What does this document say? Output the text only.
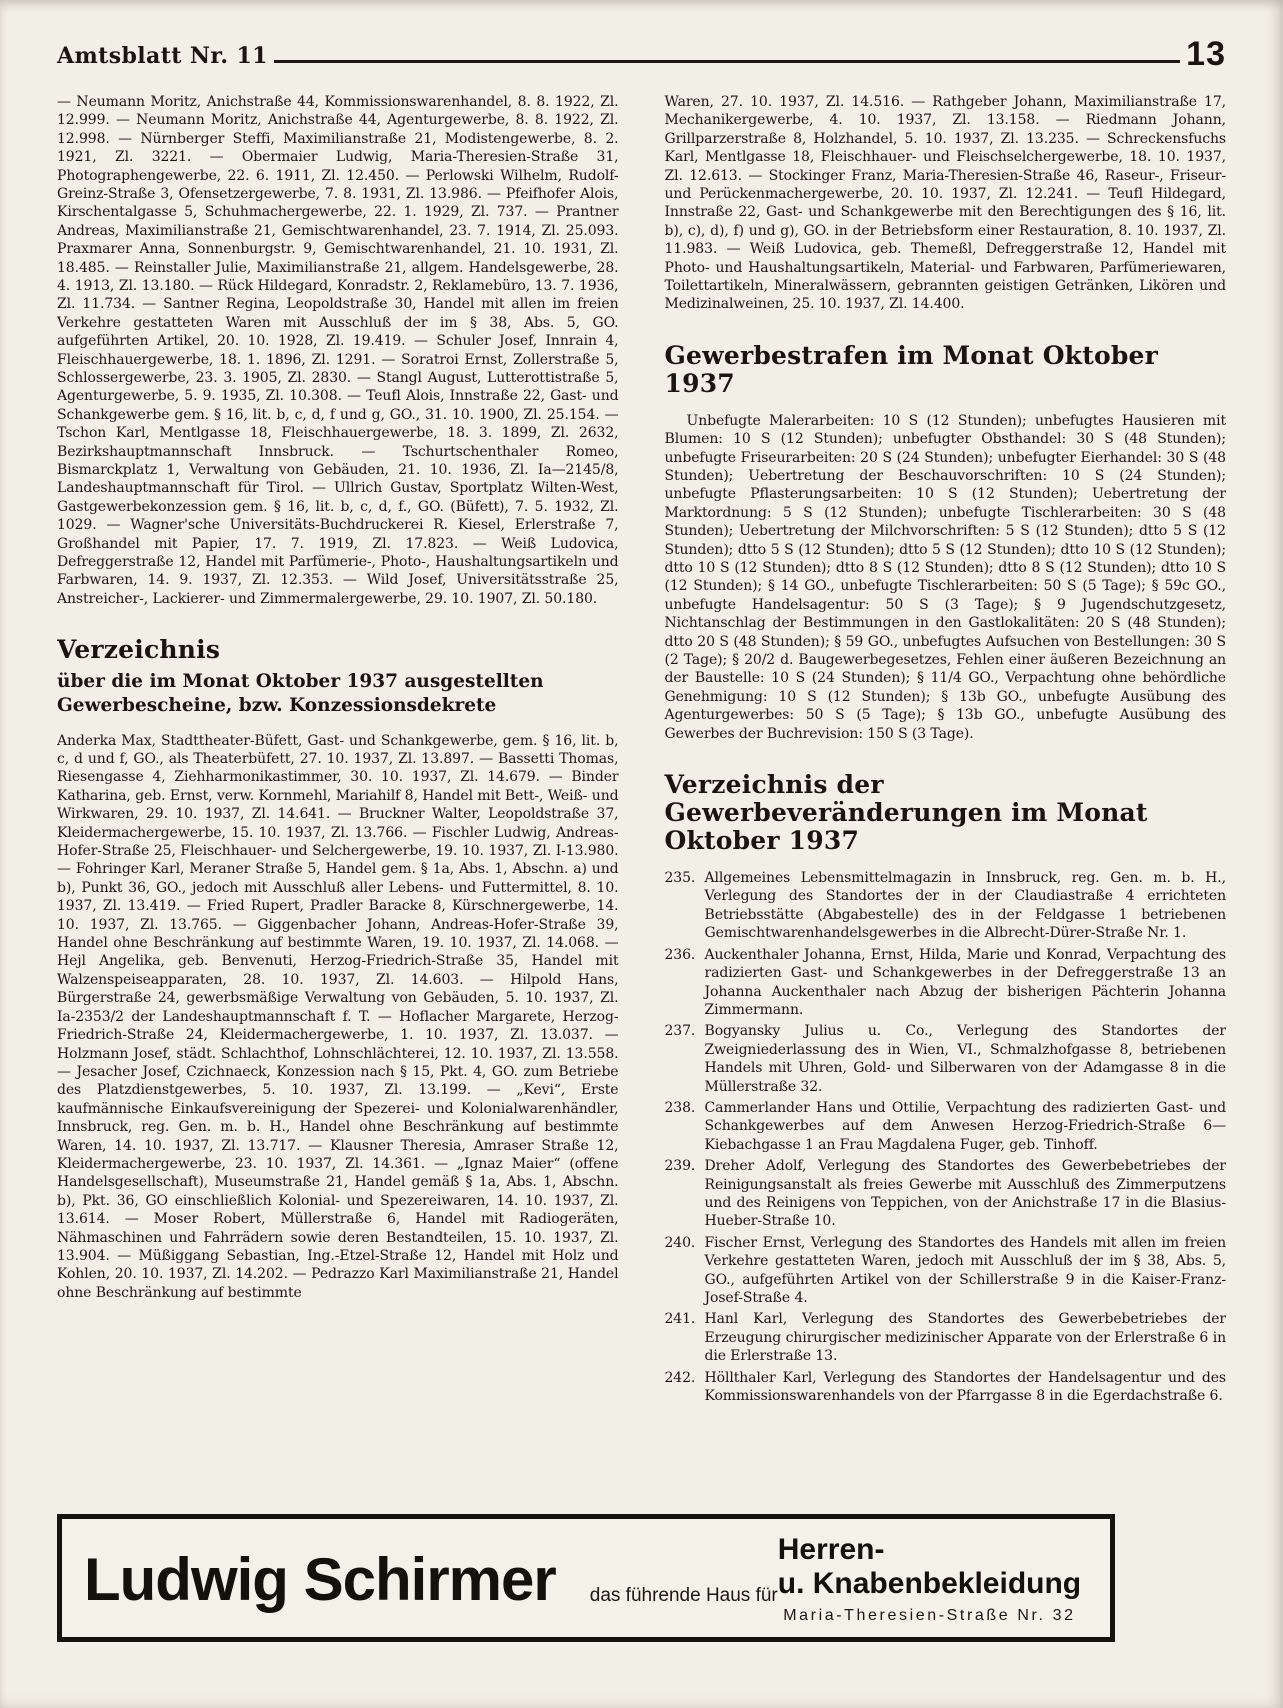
Amtsblatt Nr. 11	13

— Neumann Moritz, Anichstraße 44, Kommissionswarenhandel, 8. 8. 1922, Zl. 12.999. — Neumann Moritz, Anichstraße 44, Agenturgewerbe, 8. 8. 1922, Zl. 12.998. — Nürnberger Steffi, Maximilianstraße 21, Modistengewerbe, 8. 2. 1921, Zl. 3221. — Obermaier Ludwig, Maria-Theresien-Straße 31, Photographengewerbe, 22. 6. 1911, Zl. 12.450. — Perlowski Wilhelm, Rudolf-Greinz-Straße 3, Ofensetzergewerbe, 7. 8. 1931, Zl. 13.986. — Pfeifhofer Alois, Kirschentalgasse 5, Schuhmachergewerbe, 22. 1. 1929, Zl. 737. — Prantner Andreas, Maximilianstraße 21, Gemischtwarenhandel, 23. 7. 1914, Zl. 25.093. Praxmarer Anna, Sonnenburgstr. 9, Gemischtwarenhandel, 21. 10. 1931, Zl. 18.485. — Reinstaller Julie, Maximilianstraße 21, allgem. Handelsgewerbe, 28. 4. 1913, Zl. 13.180. — Rück Hildegard, Konradstr. 2, Reklamebüro, 13. 7. 1936, Zl. 11.734. — Santner Regina, Leopoldstraße 30, Handel mit allen im freien Verkehre gestatteten Waren mit Ausschluß der im § 38, Abs. 5, GO. aufgeführten Artikel, 20. 10. 1928, Zl. 19.419. — Schuler Josef, Innrain 4, Fleischhauergewerbe, 18. 1. 1896, Zl. 1291. — Soratroi Ernst, Zollerstraße 5, Schlossergewerbe, 23. 3. 1905, Zl. 2830. — Stangl August, Lutterottistraße 5, Agenturgewerbe, 5. 9. 1935, Zl. 10.308. — Teufl Alois, Innstraße 22, Gast- und Schankgewerbe gem. § 16, lit. b, c, d, f und g, GO., 31. 10. 1900, Zl. 25.154. — Tschon Karl, Mentlgasse 18, Fleischhauergewerbe, 18. 3. 1899, Zl. 2632, Bezirkshauptmannschaft Innsbruck. — Tschurtschenthaler Romeo, Bismarckplatz 1, Verwaltung von Gebäuden, 21. 10. 1936, Zl. Ia—2145/8, Landeshauptmannschaft für Tirol. — Ullrich Gustav, Sportplatz Wilten-West, Gastgewerbekonzession gem. § 16, lit. b, c, d, f., GO. (Büfett), 7. 5. 1932, Zl. 1029. — Wagner'sche Universitäts-Buchdruckerei R. Kiesel, Erlerstraße 7, Großhandel mit Papier, 17. 7. 1919, Zl. 17.823. — Weiß Ludovica, Defreggerstraße 12, Handel mit Parfümerie-, Photo-, Haushaltungsartikeln und Farbwaren, 14. 9. 1937, Zl. 12.353. — Wild Josef, Universitätsstraße 25, Anstreicher-, Lackierer- und Zimmermalergewerbe, 29. 10. 1907, Zl. 50.180.

Verzeichnis
über die im Monat Oktober 1937 ausgestellten Gewerbescheine, bzw. Konzessionsdekrete

Anderka Max, Stadttheater-Büfett, Gast- und Schankgewerbe, gem. § 16, lit. b, c, d und f, GO., als Theaterbüfett, 27. 10. 1937, Zl. 13.897. — Bassetti Thomas, Riesengasse 4, Ziehharmonikastimmer, 30. 10. 1937, Zl. 14.679. — Binder Katharina, geb. Ernst, verw. Kornmehl, Mariahilf 8, Handel mit Bett-, Weiß- und Wirkwaren, 29. 10. 1937, Zl. 14.641. — Bruckner Walter, Leopoldstraße 37, Kleidermachergewerbe, 15. 10. 1937, Zl. 13.766. — Fischler Ludwig, Andreas-Hofer-Straße 25, Fleischhauer- und Selchergewerbe, 19. 10. 1937, Zl. I-13.980. — Fohringer Karl, Meraner Straße 5, Handel gem. § 1a, Abs. 1, Abschn. a) und b), Punkt 36, GO., jedoch mit Ausschluß aller Lebens- und Futtermittel, 8. 10. 1937, Zl. 13.419. — Fried Rupert, Pradler Baracke 8, Kürschnergewerbe, 14. 10. 1937, Zl. 13.765. — Giggenbacher Johann, Andreas-Hofer-Straße 39, Handel ohne Beschränkung auf bestimmte Waren, 19. 10. 1937, Zl. 14.068. — Hejl Angelika, geb. Benvenuti, Herzog-Friedrich-Straße 35, Handel mit Walzenspeiseapparaten, 28. 10. 1937, Zl. 14.603. — Hilpold Hans, Bürgerstraße 24, gewerbsmäßige Verwaltung von Gebäuden, 5. 10. 1937, Zl. Ia-2353/2 der Landeshauptmannschaft f. T. — Hoflacher Margarete, Herzog-Friedrich-Straße 24, Kleidermachergewerbe, 1. 10. 1937, Zl. 13.037. — Holzmann Josef, städt. Schlachthof, Lohnschlächterei, 12. 10. 1937, Zl. 13.558. — Jesacher Josef, Czichnaeck, Konzession nach § 15, Pkt. 4, GO. zum Betriebe des Platzdienstgewerbes, 5. 10. 1937, Zl. 13.199. — „Kevi“, Erste kaufmännische Einkaufsvereinigung der Spezerei- und Kolonialwarenhändler, Innsbruck, reg. Gen. m. b. H., Handel ohne Beschränkung auf bestimmte Waren, 14. 10. 1937, Zl. 13.717. — Klausner Theresia, Amraser Straße 12, Kleidermachergewerbe, 23. 10. 1937, Zl. 14.361. — „Ignaz Maier“ (offene Handelsgesellschaft), Museumstraße 21, Handel gemäß § 1a, Abs. 1, Abschn. b), Pkt. 36, GO einschließlich Kolonial- und Spezereiwaren, 14. 10. 1937, Zl. 13.614. — Moser Robert, Müllerstraße 6, Handel mit Radiogeräten, Nähmaschinen und Fahrrädern sowie deren Bestandteilen, 15. 10. 1937, Zl. 13.904. — Müßiggang Sebastian, Ing.-Etzel-Straße 12, Handel mit Holz und Kohlen, 20. 10. 1937, Zl. 14.202. — Pedrazzo Karl Maximilianstraße 21, Handel ohne Beschränkung auf bestimmte

Waren, 27. 10. 1937, Zl. 14.516. — Rathgeber Johann, Maximilianstraße 17, Mechanikergewerbe, 4. 10. 1937, Zl. 13.158. — Riedmann Johann, Grillparzerstraße 8, Holzhandel, 5. 10. 1937, Zl. 13.235. — Schreckensfuchs Karl, Mentlgasse 18, Fleischhauer- und Fleischselchergewerbe, 18. 10. 1937, Zl. 12.613. — Stockinger Franz, Maria-Theresien-Straße 46, Raseur-, Friseur- und Perückenmachergewerbe, 20. 10. 1937, Zl. 12.241. — Teufl Hildegard, Innstraße 22, Gast- und Schankgewerbe mit den Berechtigungen des § 16, lit. b), c), d), f) und g), GO. in der Betriebsform einer Restauration, 8. 10. 1937, Zl. 11.983. — Weiß Ludovica, geb. Themeßl, Defreggerstraße 12, Handel mit Photo- und Haushaltungsartikeln, Material- und Farbwaren, Parfümeriewaren, Toilettartikeln, Mineralwässern, gebrannten geistigen Getränken, Likören und Medizinalweinen, 25. 10. 1937, Zl. 14.400.

Gewerbestrafen im Monat Oktober 1937

Unbefugte Malerarbeiten: 10 S (12 Stunden); unbefugtes Hausieren mit Blumen: 10 S (12 Stunden); unbefugter Obsthandel: 30 S (48 Stunden); unbefugte Friseurarbeiten: 20 S (24 Stunden); unbefugter Eierhandel: 30 S (48 Stunden); Uebertretung der Beschauvorschriften: 10 S (24 Stunden); unbefugte Pflasterungsarbeiten: 10 S (12 Stunden); Uebertretung der Marktordnung: 5 S (12 Stunden); unbefugte Tischlerarbeiten: 30 S (48 Stunden); Uebertretung der Milchvorschriften: 5 S (12 Stunden); dtto 5 S (12 Stunden); dtto 5 S (12 Stunden); dtto 5 S (12 Stunden); dtto 10 S (12 Stunden); dtto 10 S (12 Stunden); dtto 8 S (12 Stunden); dtto 8 S (12 Stunden); dtto 10 S (12 Stunden); § 14 GO., unbefugte Tischlerarbeiten: 50 S (5 Tage); § 59c GO., unbefugte Handelsagentur: 50 S (3 Tage); § 9 Jugendschutzgesetz, Nichtanschlag der Bestimmungen in den Gastlokalitäten: 20 S (48 Stunden); dtto 20 S (48 Stunden); § 59 GO., unbefugtes Aufsuchen von Bestellungen: 30 S (2 Tage); § 20/2 d. Baugewerbegesetzes, Fehlen einer äußeren Bezeichnung an der Baustelle: 10 S (24 Stunden); § 11/4 GO., Verpachtung ohne behördliche Genehmigung: 10 S (12 Stunden); § 13b GO., unbefugte Ausübung des Agenturgewerbes: 50 S (5 Tage); § 13b GO., unbefugte Ausübung des Gewerbes der Buchrevision: 150 S (3 Tage).

Verzeichnis der Gewerbeveränderungen im Monat Oktober 1937
235. Allgemeines Lebensmittelmagazin in Innsbruck, reg. Gen. m. b. H., Verlegung des Standortes der in der Claudiastraße 4 errichteten Betriebsstätte (Abgabestelle) des in der Feldgasse 1 betriebenen Gemischtwarenhandelsgewerbes in die Albrecht-Dürer-Straße Nr. 1.
236. Auckenthaler Johanna, Ernst, Hilda, Marie und Konrad, Verpachtung des radizierten Gast- und Schankgewerbes in der Defreggerstraße 13 an Johanna Auckenthaler nach Abzug der bisherigen Pächterin Johanna Zimmermann.
237. Bogyansky Julius u. Co., Verlegung des Standortes der Zweigniederlassung des in Wien, VI., Schmalzhofgasse 8, betriebenen Handels mit Uhren, Gold- und Silberwaren von der Adamgasse 8 in die Müllerstraße 32.
238. Cammerlander Hans und Ottilie, Verpachtung des radizierten Gast- und Schankgewerbes auf dem Anwesen Herzog-Friedrich-Straße 6—Kiebachgasse 1 an Frau Magdalena Fuger, geb. Tinhoff.
239. Dreher Adolf, Verlegung des Standortes des Gewerbebetriebes der Reinigungsanstalt als freies Gewerbe mit Ausschluß des Zimmerputzens und des Reinigens von Teppichen, von der Anichstraße 17 in die Blasius-Hueber-Straße 10.
240. Fischer Ernst, Verlegung des Standortes des Handels mit allen im freien Verkehre gestatteten Waren, jedoch mit Ausschluß der im § 38, Abs. 5, GO., aufgeführten Artikel von der Schillerstraße 9 in die Kaiser-Franz-Josef-Straße 4.
241. Hanl Karl, Verlegung des Standortes des Gewerbebetriebes der Erzeugung chirurgischer medizinischer Apparate von der Erlerstraße 6 in die Erlerstraße 13.
242. Höllthaler Karl, Verlegung des Standortes der Handelsagentur und des Kommissionswarenhandels von der Pfarrgasse 8 in die Egerdachstraße 6.
Ludwig Schirmer das führende Haus für
Herren-
u. Knabenbekleidung
Maria-Theresien-Straße Nr. 32
